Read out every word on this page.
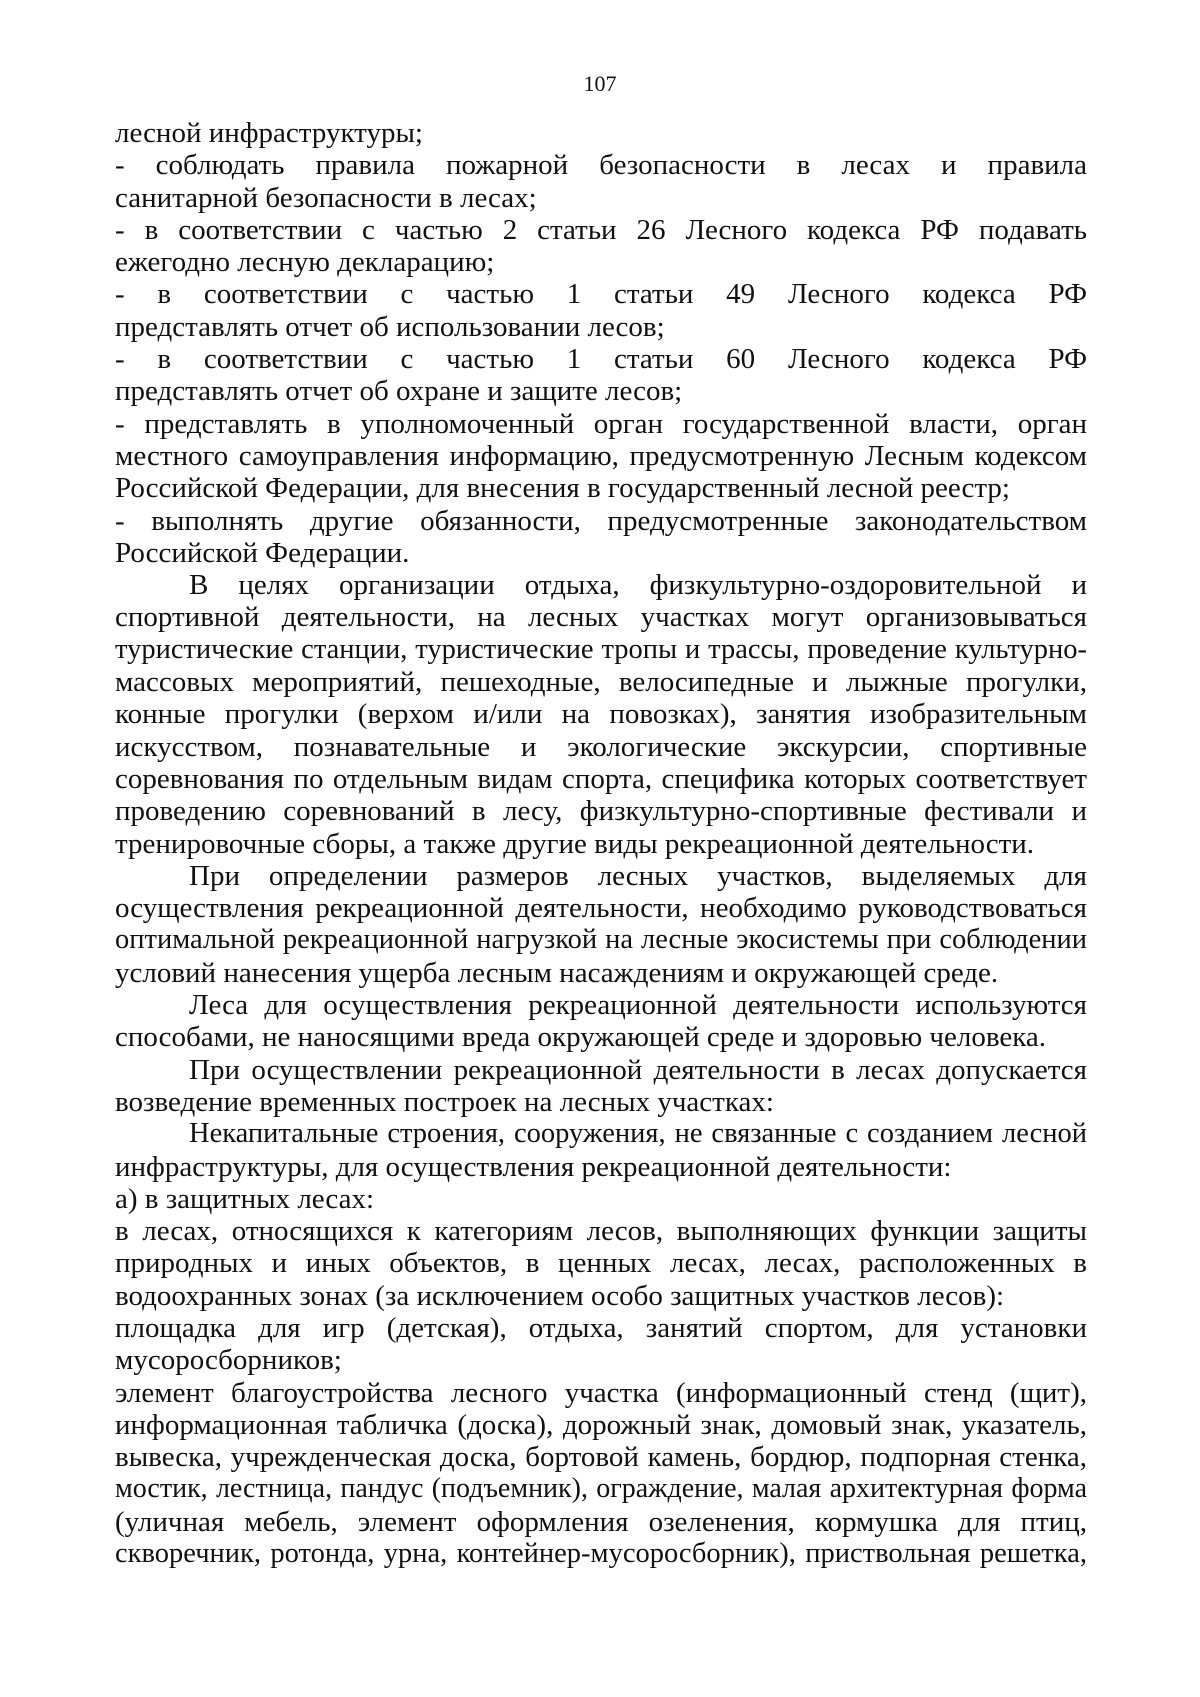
107
лесной инфраструктуры;
- соблюдать правила пожарной безопасности в лесах и правила
санитарной безопасности в лесах;
- в соответствии с частью 2 статьи 26 Лесного кодекса РФ подавать
ежегодно лесную декларацию;
- в соответствии с частью 1 статьи 49 Лесного кодекса РФ
представлять отчет об использовании лесов;
- в соответствии с частью 1 статьи 60 Лесного кодекса РФ
представлять отчет об охране и защите лесов;
- представлять в уполномоченный орган государственной власти, орган
местного самоуправления информацию, предусмотренную Лесным кодексом
Российской Федерации, для внесения в государственный лесной реестр;
- выполнять другие обязанности, предусмотренные законодательством
Российской Федерации.
В целях организации отдыха, физкультурно-оздоровительной и
спортивной деятельности, на лесных участках могут организовываться
туристические станции, туристические тропы и трассы, проведение культурно-
массовых мероприятий, пешеходные, велосипедные и лыжные прогулки,
конные прогулки (верхом и/или на повозках), занятия изобразительным
искусством, познавательные и экологические экскурсии, спортивные
соревнования по отдельным видам спорта, специфика которых соответствует
проведению соревнований в лесу, физкультурно-спортивные фестивали и
тренировочные сборы, а также другие виды рекреационной деятельности.
При определении размеров лесных участков, выделяемых для
осуществления рекреационной деятельности, необходимо руководствоваться
оптимальной рекреационной нагрузкой на лесные экосистемы при соблюдении
условий нанесения ущерба лесным насаждениям и окружающей среде.
Леса для осуществления рекреационной деятельности используются
способами, не наносящими вреда окружающей среде и здоровью человека.
При осуществлении рекреационной деятельности в лесах допускается
возведение временных построек на лесных участках:
Некапитальные строения, сооружения, не связанные с созданием лесной
инфраструктуры, для осуществления рекреационной деятельности:
а) в защитных лесах:
в лесах, относящихся к категориям лесов, выполняющих функции защиты
природных и иных объектов, в ценных лесах, лесах, расположенных в
водоохранных зонах (за исключением особо защитных участков лесов):
площадка для игр (детская), отдыха, занятий спортом, для установки
мусоросборников;
элемент благоустройства лесного участка (информационный стенд (щит),
информационная табличка (доска), дорожный знак, домовый знак, указатель,
вывеска, учрежденческая доска, бортовой камень, бордюр, подпорная стенка,
мостик, лестница, пандус (подъемник), ограждение, малая архитектурная форма
(уличная мебель, элемент оформления озеленения, кормушка для птиц,
скворечник, ротонда, урна, контейнер-мусоросборник), приствольная решетка,
